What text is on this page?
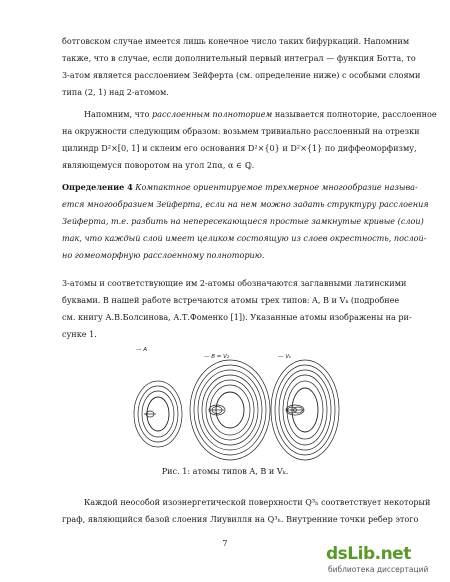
ботговском случае имеется лишь конечное число таких бифуркаций. Напомним
также, что в случае, если дополнительный первый интеграл — функция Ботта, то
3-атом является расслоением Зейферта (см. определение ниже) с особыми слоями
типа (2, 1) над 2-атомом.
Напомним, что расслоенным полноторием называется полноторие, расслоенное
на окружности следующим образом: возьмем тривиально расслоенный на отрезки
цилиндр D²×[0, 1] и склеим его основания D²×{0} и D²×{1} по диффеоморфизму,
являющемуся поворотом на угол 2πα, α ∈ ℚ.
Определение 4 Компактное ориентируемое трехмерное многообразие называ-
ется многообразием Зейферта, если на нем можно задать структуру расслоения
Зейферта, т.е. разбить на непересекающиеся простые замкнутые кривые (слои)
так, что каждый слой имеет целиком состоящую из слоев окрестность, послой-
но гомеоморфную расслоенному полноторию.
3-атомы и соответствующие им 2-атомы обозначаются заглавными латинскими
буквами. В нашей работе встречаются атомы трех типов: A, B и Vₖ (подробнее
см. книгу А.В.Болсинова, А.Т.Фоменко [1]). Указанные атомы изображены на ри-
сунке 1.
— A
— B = V₂	— Vₖ
Рис. 1: атомы типов A, B и Vₖ.
Каждой неособой изоэнергетической поверхности Q³ₕ соответствует некоторый
граф, являющийся базой слоения Лиувилля на Q³ₕ. Внутренние точки ребер этого
7
dsLib.net
библиотека диссертаций
